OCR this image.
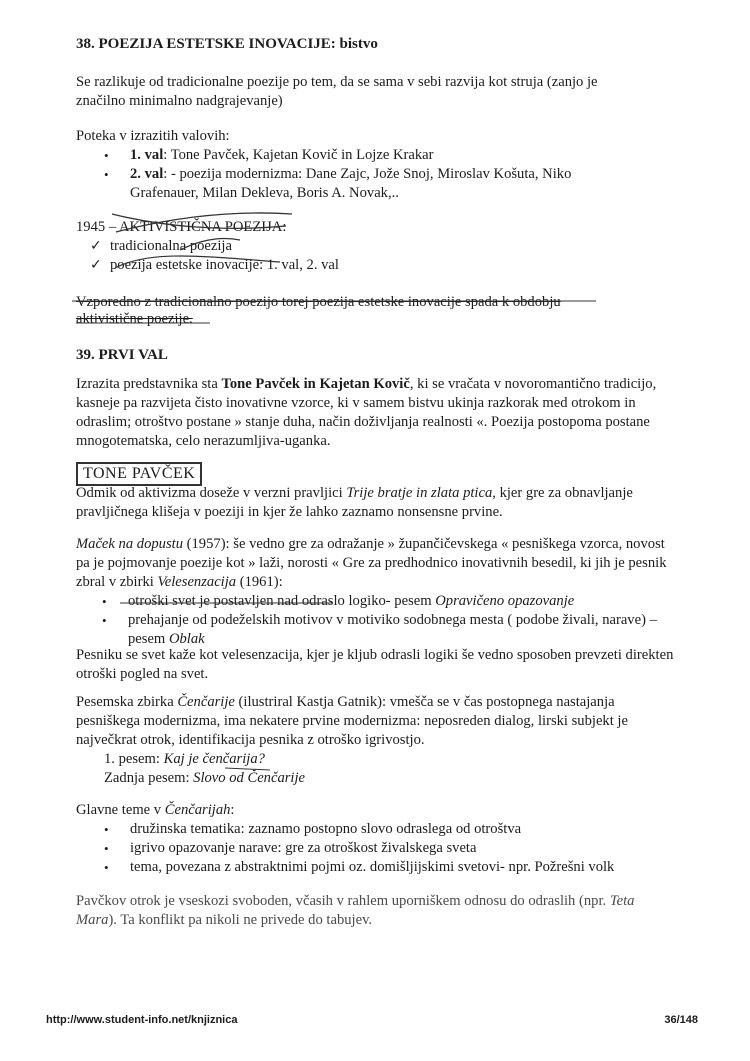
38. POEZIJA ESTETSKE INOVACIJE: bistvo

Se razlikuje od tradicionalne poezije po tem, da se sama v sebi razvija kot struja (zanjo je značilno minimalno nadgrajevanje)

Poteka v izrazitih valovih:

• 1. val: Tone Pavček, Kajetan Kovič in Lojze Krakar
• 2. val: - poezija modernizma: Dane Zajc, Jože Snoj, Miroslav Košuta, Niko Grafenauer, Milan Dekleva, Boris A. Novak,..

1945 – AKTIVISTIČNA POEZIJA:

✓ tradicionalna poezija
✓ poezija estetske inovacije: 1. val, 2. val
Vzporedno z tradicionalno poezijo torej poezija estetske inovacije spada k obdobju
aktivistične poezije.
39. PRVI VAL

Izrazita predstavnika sta Tone Pavček in Kajetan Kovič, ki se vračata v novoromantično tradicijo, kasneje pa razvijeta čisto inovativne vzorce, ki v samem bistvu ukinja razkorak med otrokom in odraslim; otroštvo postane » stanje duha, način doživljanja realnosti «. Poezija postopoma postane mnogotematska, celo nerazumljiva-uganka.

TONE PAVČEK

Odmik od aktivizma doseže v verzni pravljici Trije bratje in zlata ptica, kjer gre za obnavljanje pravljičnega klišeja v poeziji in kjer že lahko zaznamo nonsensne prvine.

Maček na dopustu (1957): še vedno gre za odražanje » župančičevskega « pesniškega vzorca, novost pa je pojmovanje poezije kot » laži, norosti « Gre za predhodnico inovativnih besedil, ki jih je pesnik zbral v zbirki Velesenzacija (1961):

• otroški svet je postavljen nad odraslo logiko- pesem Opravičeno opazovanje
• prehajanje od podeželskih motivov v motiviko sodobnega mesta ( podobe živali, narave) – pesem Oblak

Pesniku se svet kaže kot velesenzacija, kjer je kljub odrasli logiki še vedno sposoben prevzeti direkten otroški pogled na svet.

Pesemska zbirka Čenčarije (ilustriral Kastja Gatnik): vmešča se v čas postopnega nastajanja pesniškega modernizma, ima nekatere prvine modernizma: neposreden dialog, lirski subjekt je največkrat otrok, identifikacija pesnika z otroško igrivostjo.

1. pesem: Kaj je čenčarija?
Zadnja pesem: Slovo od Čenčarije

Glavne teme v Čenčarijah:

• družinska tematika: zaznamo postopno slovo odraslega od otroštva
• igrivo opazovanje narave: gre za otroškost živalskega sveta
• tema, povezana z abstraktnimi pojmi oz. domišljijskimi svetovi- npr. Požrešni volk

Pavčkov otrok je vseskozi svoboden, včasih v rahlem uporniškem odnosu do odraslih (npr. Teta Mara). Ta konflikt pa nikoli ne privede do tabujev.

http://www.student-info.net/knjiznica	36/148
